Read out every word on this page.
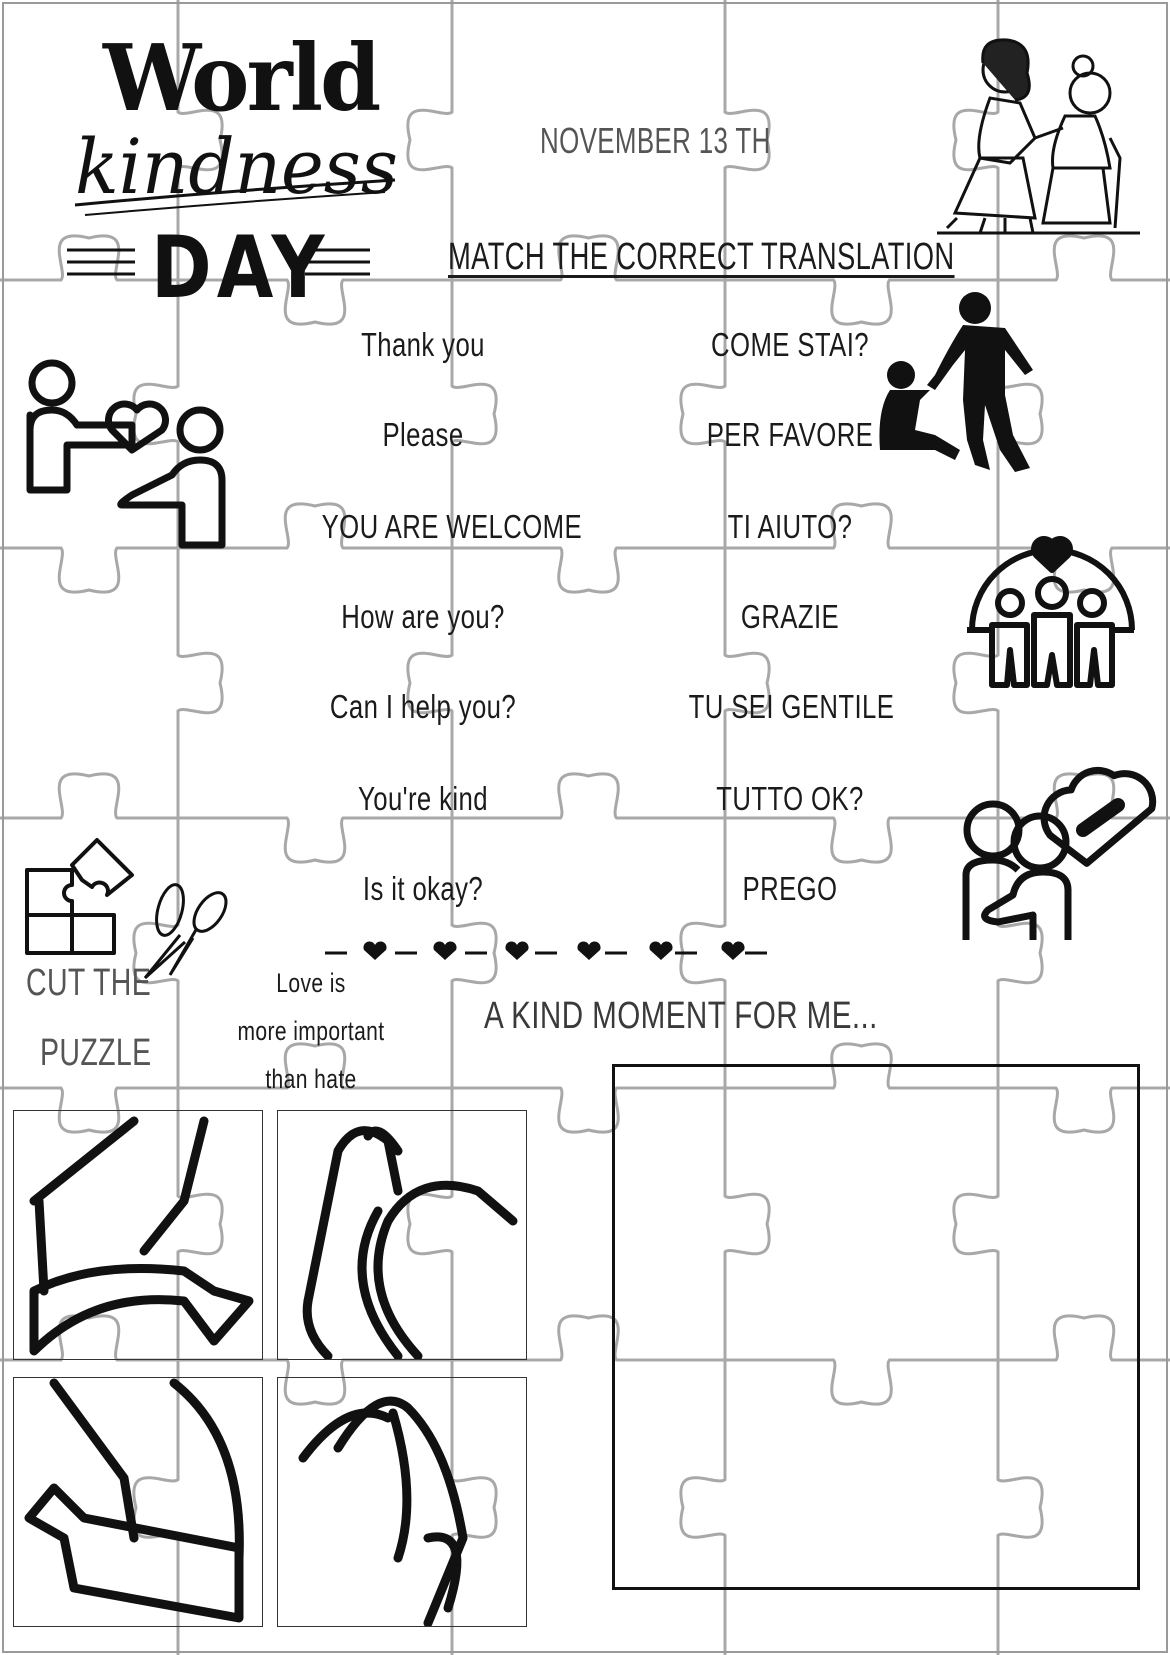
World
kindness
DAY
NOVEMBER 13 TH
MATCH THE CORRECT TRANSLATION
Thank you
Please
YOU ARE WELCOME
How are you?
Can I help you?
You're kind
Is it okay?
COME STAI?
PER FAVORE
TI AIUTO?
GRAZIE
TU SEI GENTILE
TUTTO OK?
PREGO
CUT THE
PUZZLE
Love is
more important
than hate
A KIND MOMENT FOR ME...
